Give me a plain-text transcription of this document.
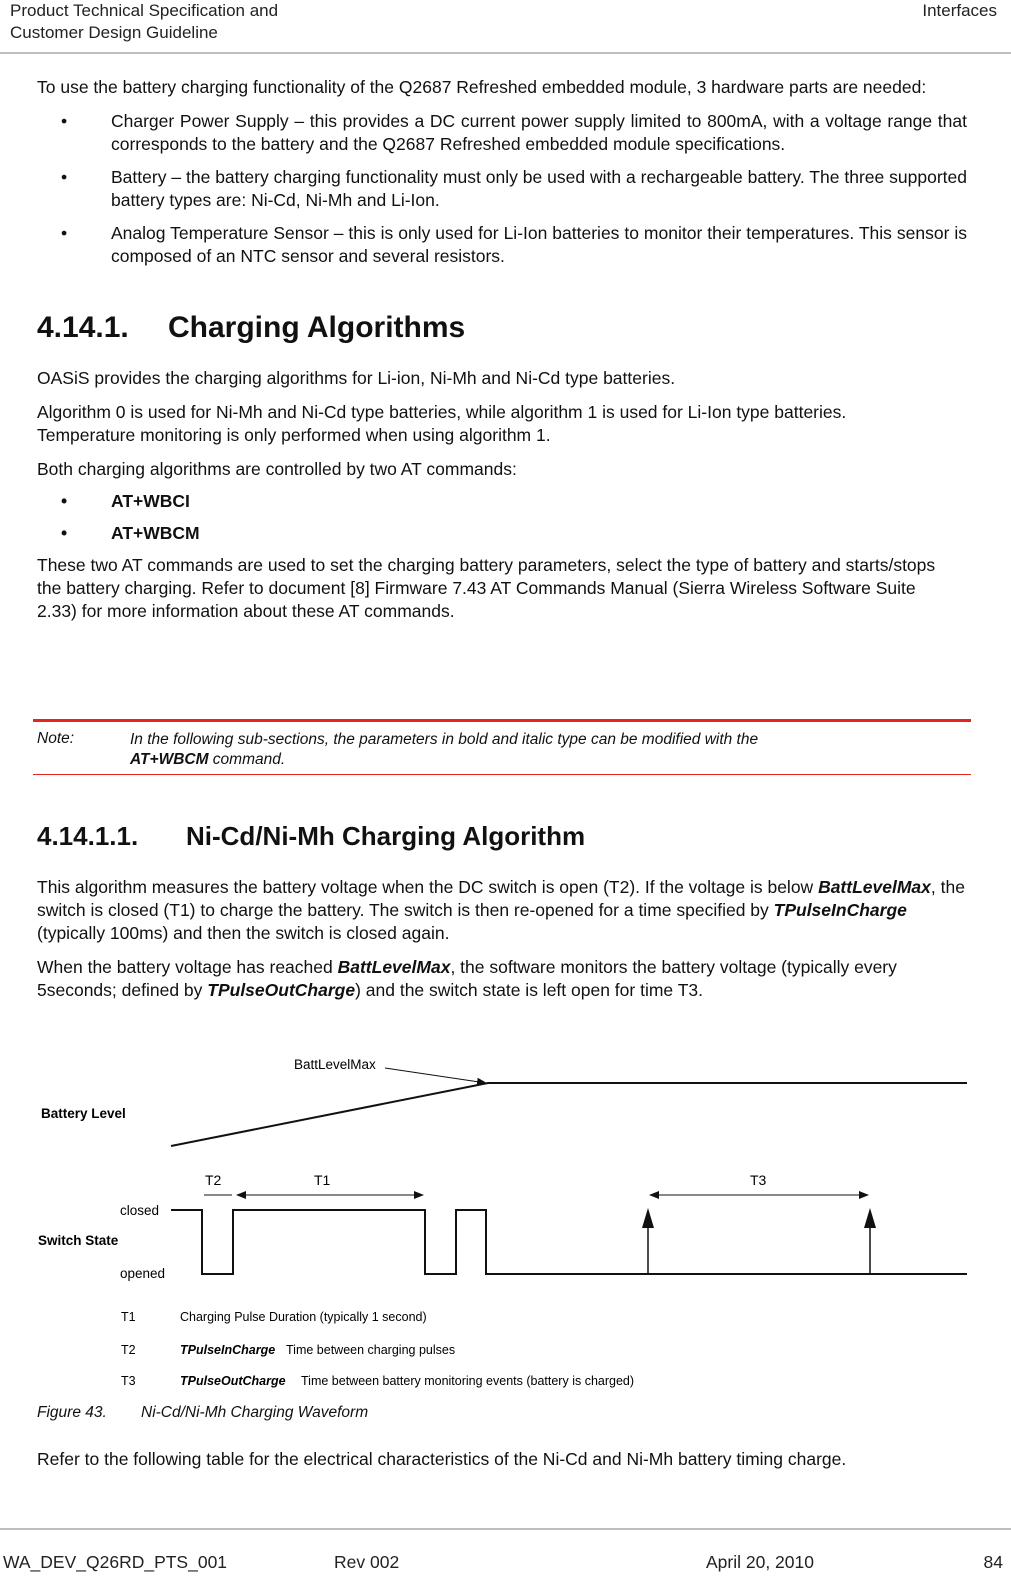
Product Technical Specification and
Customer Design Guideline
Interfaces

To use the battery charging functionality of the Q2687 Refreshed embedded module, 3 hardware parts are needed:

•	Charger Power Supply – this provides a DC current power supply limited to 800mA, with a voltage range that corresponds to the battery and the Q2687 Refreshed embedded module specifications.
•	Battery – the battery charging functionality must only be used with a rechargeable battery. The three supported battery types are: Ni-Cd, Ni-Mh and Li-Ion.
•	Analog Temperature Sensor – this is only used for Li-Ion batteries to monitor their temperatures. This sensor is composed of an NTC sensor and several resistors.
4.14.1. Charging Algorithms

OASiS provides the charging algorithms for Li-ion, Ni-Mh and Ni-Cd type batteries.

Algorithm 0 is used for Ni-Mh and Ni-Cd type batteries, while algorithm 1 is used for Li-Ion type batteries. Temperature monitoring is only performed when using algorithm 1.

Both charging algorithms are controlled by two AT commands:

•	AT+WBCI
•	AT+WBCM

These two AT commands are used to set the charging battery parameters, select the type of battery and starts/stops the battery charging. Refer to document [8] Firmware 7.43 AT Commands Manual (Sierra Wireless Software Suite 2.33) for more information about these AT commands.

Note:	In the following sub-sections, the parameters in bold and italic type can be modified with the
AT+WBCM command.
4.14.1.1. Ni-Cd/Ni-Mh Charging Algorithm

This algorithm measures the battery voltage when the DC switch is open (T2). If the voltage is below BattLevelMax, the switch is closed (T1) to charge the battery. The switch is then re-opened for a time specified by TPulseInCharge (typically 100ms) and then the switch is closed again.

When the battery voltage has reached BattLevelMax, the software monitors the battery voltage (typically every 5seconds; defined by TPulseOutCharge) and the switch state is left open for time T3.

BattLevelMax
Battery Level
T2	T1	T3
closed
Switch State
opened
T1	Charging Pulse Duration (typically 1 second)
T2	TPulseInCharge Time between charging pulses
T3	TPulseOutCharge Time between battery monitoring events (battery is charged)
Figure 43. Ni-Cd/Ni-Mh Charging Waveform

Refer to the following table for the electrical characteristics of the Ni-Cd and Ni-Mh battery timing charge.

WA_DEV_Q26RD_PTS_001	Rev 002	April 20, 2010	84
